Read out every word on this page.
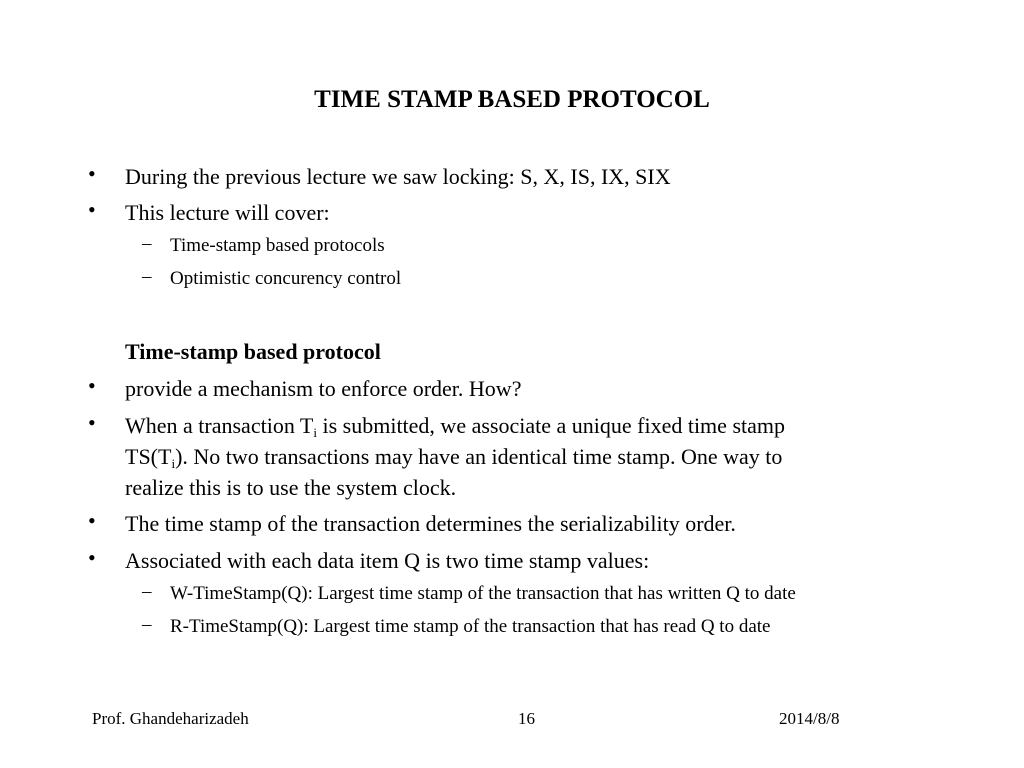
TIME STAMP BASED PROTOCOL
• During the previous lecture we saw locking: S, X, IS, IX, SIX
• This lecture will cover:
– Time-stamp based protocols
– Optimistic concurency control
Time-stamp based protocol
• provide a mechanism to enforce order. How?
• When a transaction $T_i$ is submitted, we associate a unique fixed time stamp
$TS(T_i)$. No two transactions may have an identical time stamp. One way to
realize this is to use the system clock.
• The time stamp of the transaction determines the serializability order.
• Associated with each data item Q is two time stamp values:
– W-TimeStamp(Q): Largest time stamp of the transaction that has written Q to date
– R-TimeStamp(Q): Largest time stamp of the transaction that has read Q to date
Prof. Ghandeharizadeh	16	2014/8/8
